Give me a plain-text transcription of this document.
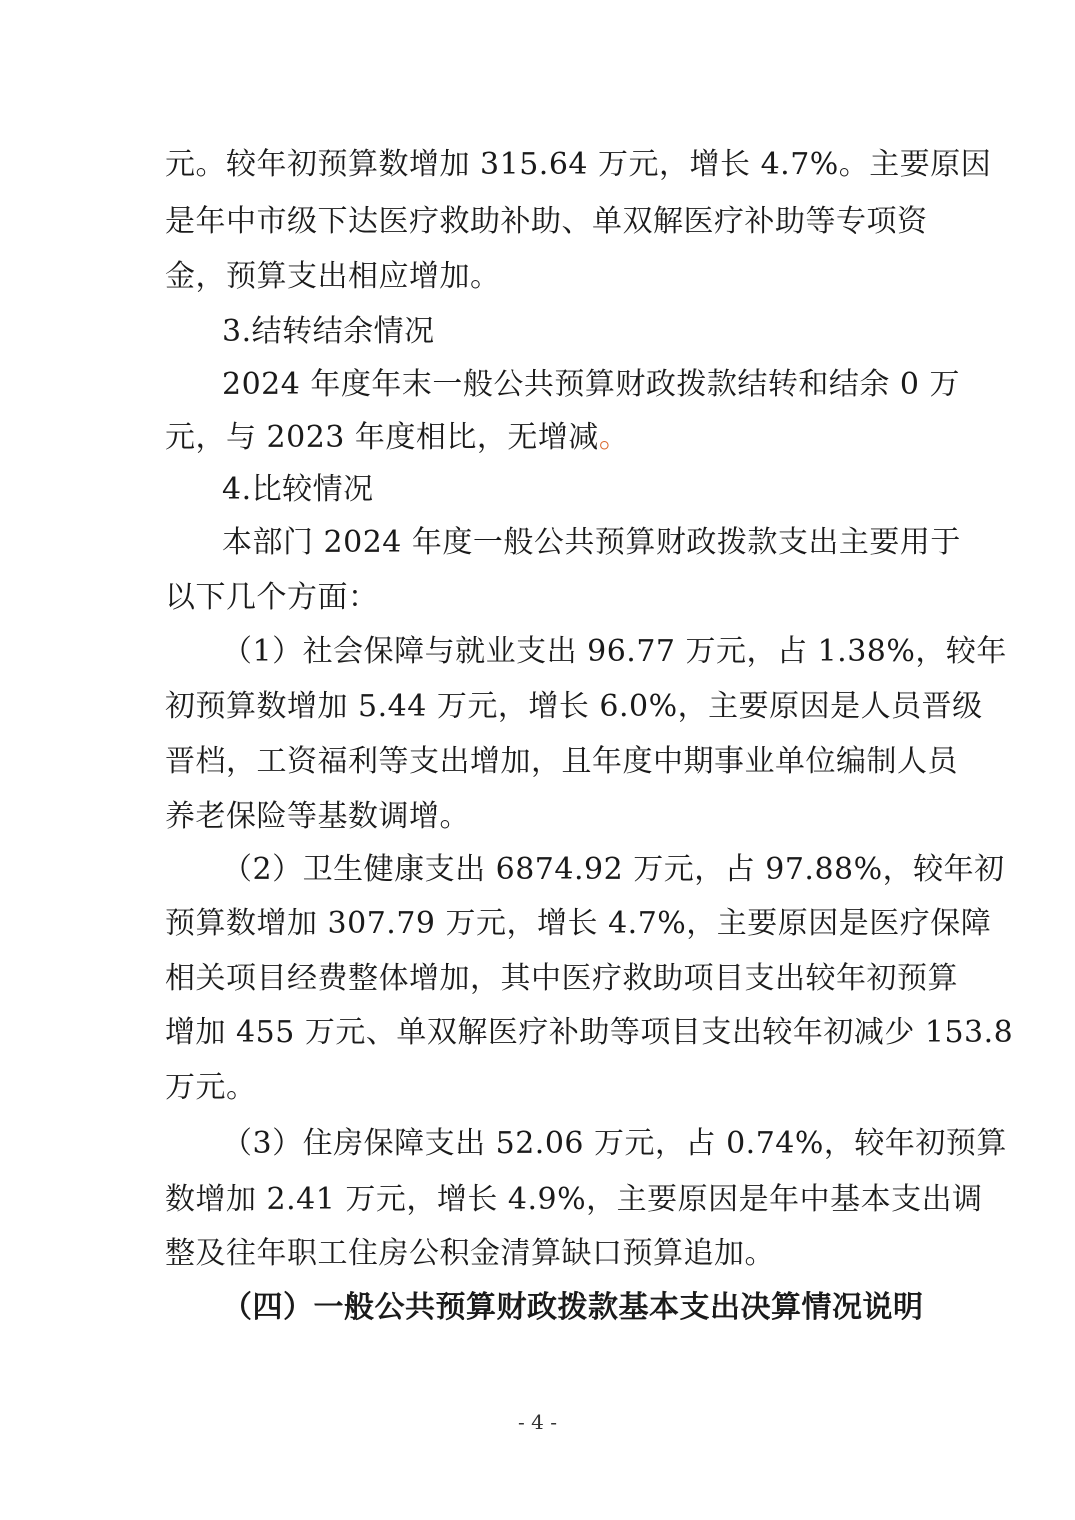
元。较年初预算数增加 315.64 万元，增长 4.7%。主要原因
是年中市级下达医疗救助补助、单双解医疗补助等专项资
金，预算支出相应增加。
3.结转结余情况
2024 年度年末一般公共预算财政拨款结转和结余 0 万
元，与 2023 年度相比，无增减。
4.比较情况
本部门 2024 年度一般公共预算财政拨款支出主要用于
以下几个方面：
（1）社会保障与就业支出 96.77 万元，占 1.38%，较年
初预算数增加 5.44 万元，增长 6.0%，主要原因是人员晋级
晋档，工资福利等支出增加，且年度中期事业单位编制人员
养老保险等基数调增。
（2）卫生健康支出 6874.92 万元，占 97.88%，较年初
预算数增加 307.79 万元，增长 4.7%，主要原因是医疗保障
相关项目经费整体增加，其中医疗救助项目支出较年初预算
增加 455 万元、单双解医疗补助等项目支出较年初减少 153.8
万元。
（3）住房保障支出 52.06 万元，占 0.74%，较年初预算
数增加 2.41 万元，增长 4.9%，主要原因是年中基本支出调
整及往年职工住房公积金清算缺口预算追加。
（四）一般公共预算财政拨款基本支出决算情况说明
- 4 -
